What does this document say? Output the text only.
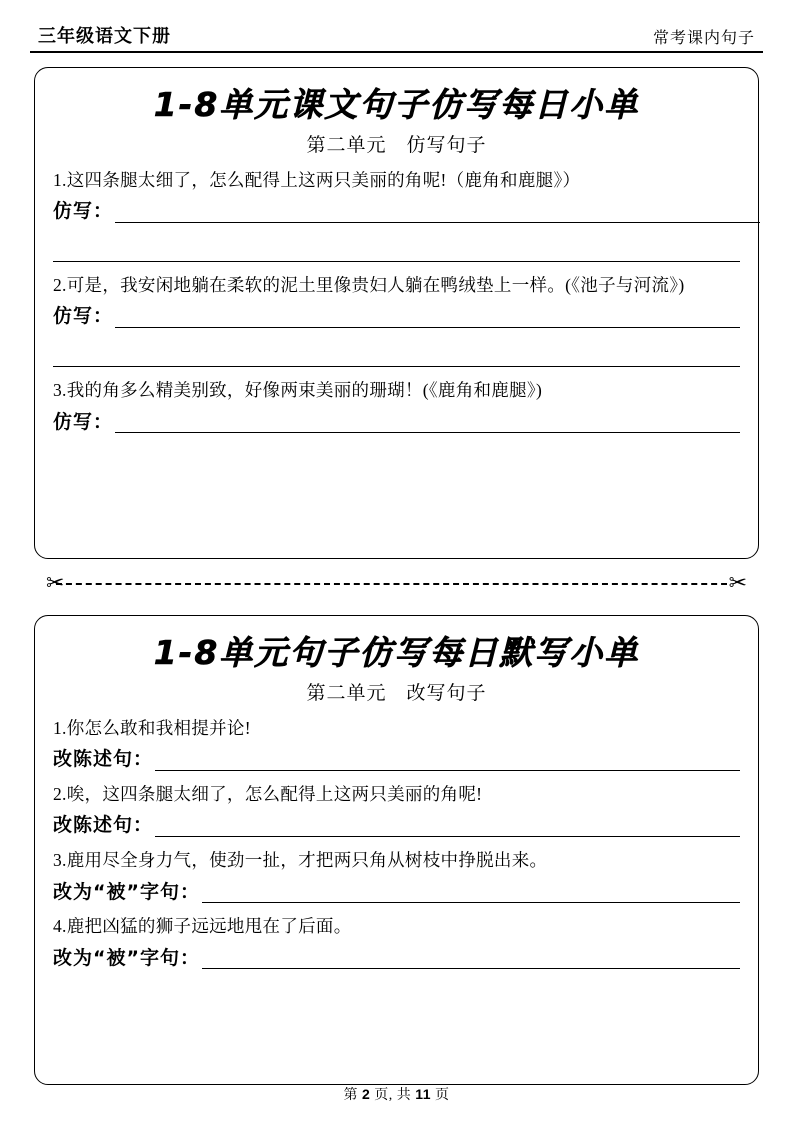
三年级语文下册	常考课内句子
1-8单元课文句子仿写每日小单
第二单元　仿写句子
1.这四条腿太细了，怎么配得上这两只美丽的角呢!（鹿角和鹿腿》）
仿写：
2.可是，我安闲地躺在柔软的泥土里像贵妇人躺在鸭绒垫上一样。(《池子与河流》)
仿写：
3.我的角多么精美别致，好像两束美丽的珊瑚！(《鹿角和鹿腿》)
仿写：
✂	✂
1-8单元句子仿写每日默写小单
第二单元　改写句子
1.你怎么敢和我相提并论!
改陈述句：
2.唉，这四条腿太细了，怎么配得上这两只美丽的角呢!
改陈述句：
3.鹿用尽全身力气，使劲一扯，才把两只角从树枝中挣脱出来。
改为“被”字句：
4.鹿把凶猛的狮子远远地甩在了后面。
改为“被”字句：
第 2 页, 共 11 页
